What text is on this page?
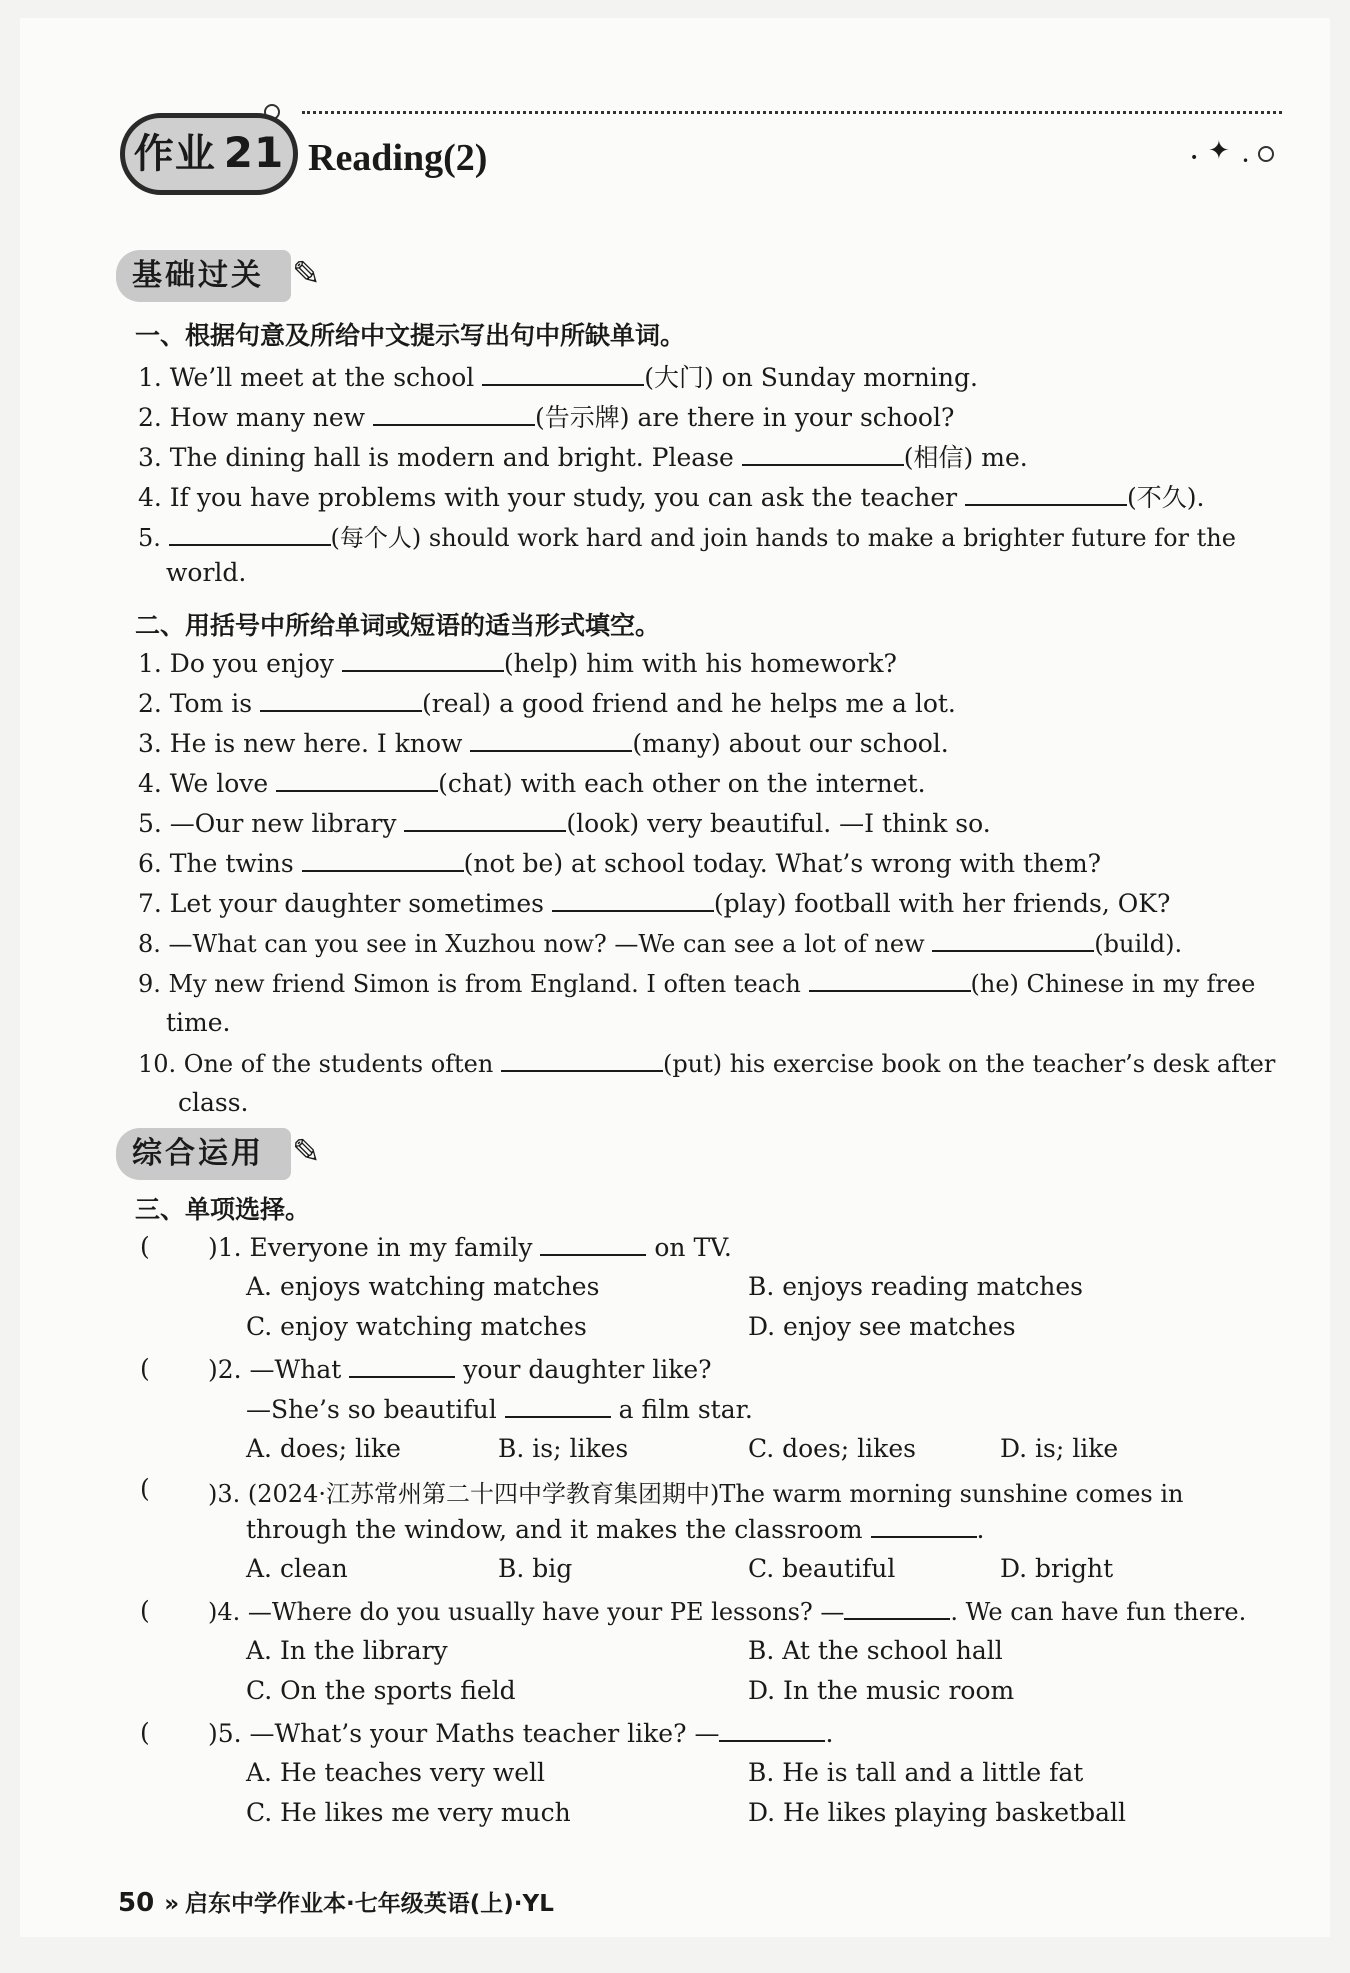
✦
•	•
作业 21 Reading(2)
基础过关 ✎
一、根据句意及所给中文提示写出句中所缺单词。
1. We’ll meet at the school	(大门) on Sunday morning.
2. How many new	(告示牌) are there in your school?
3. The dining hall is modern and bright. Please	(相信) me.
4. If you have problems with your study, you can ask the teacher	(不久).
5.	(每个人) should work hard and join hands to make a brighter future for the
world.
二、用括号中所给单词或短语的适当形式填空。
1. Do you enjoy	(help) him with his homework?
2. Tom is	(real) a good friend and he helps me a lot.
3. He is new here. I know	(many) about our school.
4. We love	(chat) with each other on the internet.
5. —Our new library	(look) very beautiful. —I think so.
6. The twins	(not be) at school today. What’s wrong with them?
7. Let your daughter sometimes	(play) football with her friends, OK?
8. —What can you see in Xuzhou now? —We can see a lot of new	(build).
9. My new friend Simon is from England. I often teach	(he) Chinese in my free
time.
10. One of the students often	(put) his exercise book on the teacher’s desk after
class.
综合运用 ✎
三、单项选择。
( )1. Everyone in my family	on TV.
A. enjoys watching matches	B. enjoys reading matches
C. enjoy watching matches	D. enjoy see matches
( )2. —What	your daughter like?
—She’s so beautiful	a film star.
A. does; like	B. is; likes	C. does; likes	D. is; like
( )3. (2024·江苏常州第二十四中学教育集团期中)The warm morning sunshine comes in
through the window, and it makes the classroom	.
A. clean	B. big	C. beautiful	D. bright
( )4. —Where do you usually have your PE lessons? —	. We can have fun there.
A. In the library	B. At the school hall
C. On the sports field	D. In the music room
( )5. —What’s your Maths teacher like? —	.
A. He teaches very well	B. He is tall and a little fat
C. He likes me very much	D. He likes playing basketball
50 » 启东中学作业本·七年级英语(上)·YL
